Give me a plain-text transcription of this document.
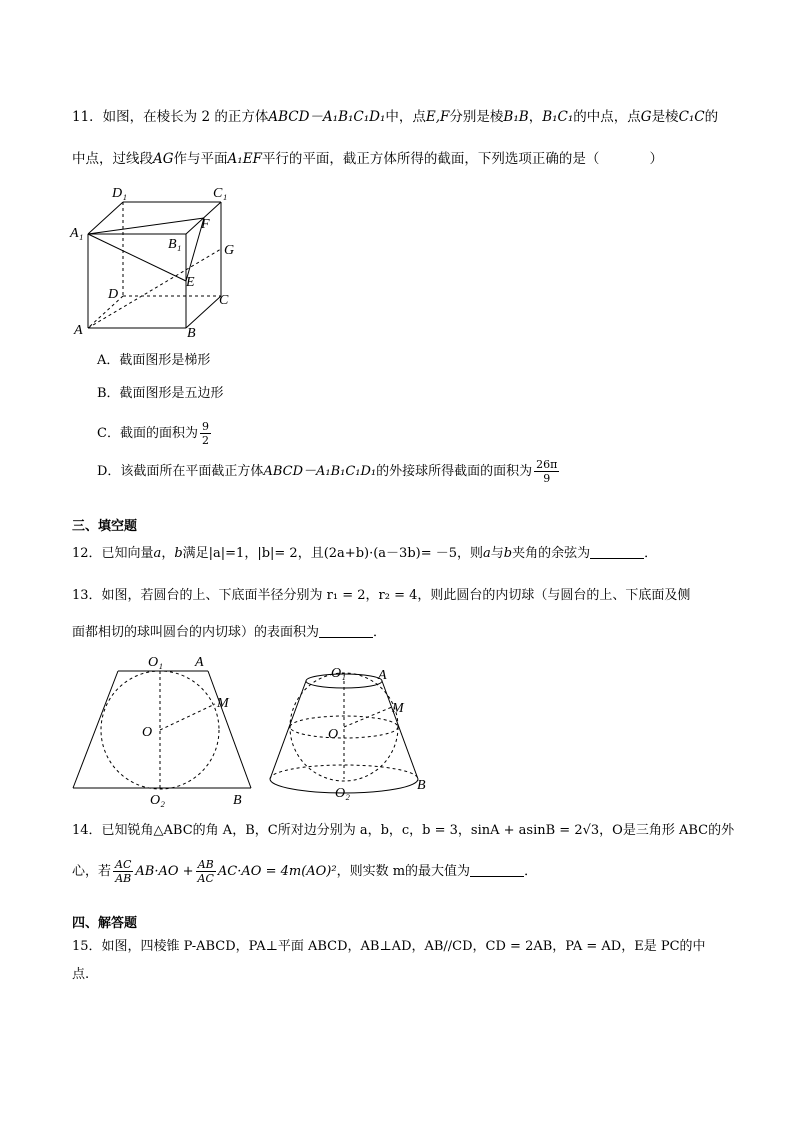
11．如图，在棱长为 2 的正方体ABCD－A₁B₁C₁D₁中，点E,F分别是棱B₁B，B₁C₁的中点，点G是棱C₁C的
中点，过线段AG作与平面A₁EF平行的平面，截正方体所得的截面，下列选项正确的是（	）
D₁	C₁
A₁
B₁
F
G
E
D	C
A	B
A．截面图形是梯形
B．截面图形是五边形
C．截面的面积为 $\frac{9}{2}$
D．该截面所在平面截正方体ABCD－A₁B₁C₁D₁的外接球所得截面的面积为 $\frac{26\pi}{9}$
三、填空题
12．已知向量a，b满足|a|=1，|b|= 2，且(2a+b)·(a－3b)= －5，则a与b夹角的余弦为	．
13．如图，若圆台的上、下底面半径分别为 r₁ = 2，r₂ = 4，则此圆台的内切球（与圆台的上、下底面及侧
面都相切的球叫圆台的内切球）的表面积为	．
O₁ A
M
O
O₂	B
O₁ A
M
O
O₂
B
14．已知锐角△ABC的角 A，B，C所对边分别为 a，b，c，b = 3，sinA + asinB = 2√3，O是三角形 ABC的外
心，若 $\frac{AC}{AB} AB\cdot AO + \frac{AB}{AC} AC\cdot AO = 4m(AO)^2$，则实数 m的最大值为	．
四、解答题
15．如图，四棱锥 P-ABCD，PA⊥平面 ABCD，AB⊥AD，AB//CD，CD = 2AB，PA = AD，E是 PC的中
点.
